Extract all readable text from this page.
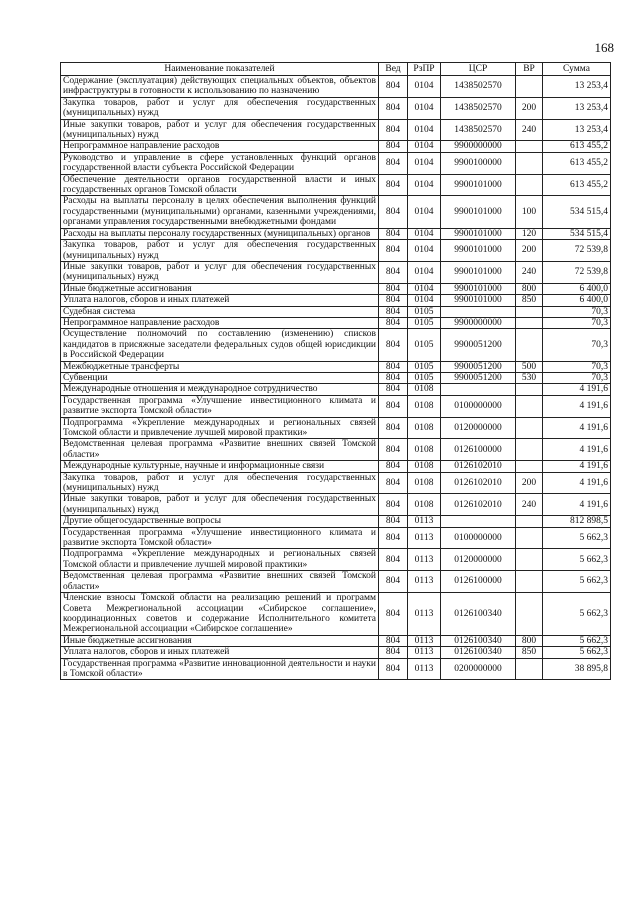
168
Наименование показателей	Вед	РзПР	ЦСР	ВР	Сумма
Содержание (эксплуатация) действующих специальных объектов, объектов инфраструктуры в готовности к использованию по назначению	804	0104	1438502570		13 253,4
Закупка товаров, работ и услуг для обеспечения государственных (муниципальных) нужд	804	0104	1438502570	200	13 253,4
Иные закупки товаров, работ и услуг для обеспечения государственных (муниципальных) нужд	804	0104	1438502570	240	13 253,4
Непрограммное направление расходов	804	0104	9900000000		613 455,2
Руководство и управление в сфере установленных функций органов государственной власти субъекта Российской Федерации	804	0104	9900100000		613 455,2
Обеспечение деятельности органов государственной власти и иных государственных органов Томской области	804	0104	9900101000		613 455,2
Расходы на выплаты персоналу в целях обеспечения выполнения функций государственными (муниципальными) органами, казенными учреждениями, органами управления государственными внебюджетными фондами	804	0104	9900101000	100	534 515,4
Расходы на выплаты персоналу государственных (муниципальных) органов	804	0104	9900101000	120	534 515,4
Закупка товаров, работ и услуг для обеспечения государственных (муниципальных) нужд	804	0104	9900101000	200	72 539,8
Иные закупки товаров, работ и услуг для обеспечения государственных (муниципальных) нужд	804	0104	9900101000	240	72 539,8
Иные бюджетные ассигнования	804	0104	9900101000	800	6 400,0
Уплата налогов, сборов и иных платежей	804	0104	9900101000	850	6 400,0
Судебная система	804	0105			70,3
Непрограммное направление расходов	804	0105	9900000000		70,3
Осуществление полномочий по составлению (изменению) списков кандидатов в присяжные заседатели федеральных судов общей юрисдикции в Российской Федерации	804	0105	9900051200		70,3
Межбюджетные трансферты	804	0105	9900051200	500	70,3
Субвенции	804	0105	9900051200	530	70,3
Международные отношения и международное сотрудничество	804	0108			4 191,6
Государственная программа «Улучшение инвестиционного климата и развитие экспорта Томской области»	804	0108	0100000000		4 191,6
Подпрограмма «Укрепление международных и региональных связей Томской области и привлечение лучшей мировой практики»	804	0108	0120000000		4 191,6
Ведомственная целевая программа «Развитие внешних связей Томской области»	804	0108	0126100000		4 191,6
Международные культурные, научные и информационные связи	804	0108	0126102010		4 191,6
Закупка товаров, работ и услуг для обеспечения государственных (муниципальных) нужд	804	0108	0126102010	200	4 191,6
Иные закупки товаров, работ и услуг для обеспечения государственных (муниципальных) нужд	804	0108	0126102010	240	4 191,6
Другие общегосударственные вопросы	804	0113			812 898,5
Государственная программа «Улучшение инвестиционного климата и развитие экспорта Томской области»	804	0113	0100000000		5 662,3
Подпрограмма «Укрепление международных и региональных связей Томской области и привлечение лучшей мировой практики»	804	0113	0120000000		5 662,3
Ведомственная целевая программа «Развитие внешних связей Томской области»	804	0113	0126100000		5 662,3
Членские взносы Томской области на реализацию решений и программ Совета Межрегиональной ассоциации «Сибирское соглашение», координационных советов и содержание Исполнительного комитета Межрегиональной ассоциации «Сибирское соглашение»	804	0113	0126100340		5 662,3
Иные бюджетные ассигнования	804	0113	0126100340	800	5 662,3
Уплата налогов, сборов и иных платежей	804	0113	0126100340	850	5 662,3
Государственная программа «Развитие инновационной деятельности и науки в Томской области»	804	0113	0200000000		38 895,8
